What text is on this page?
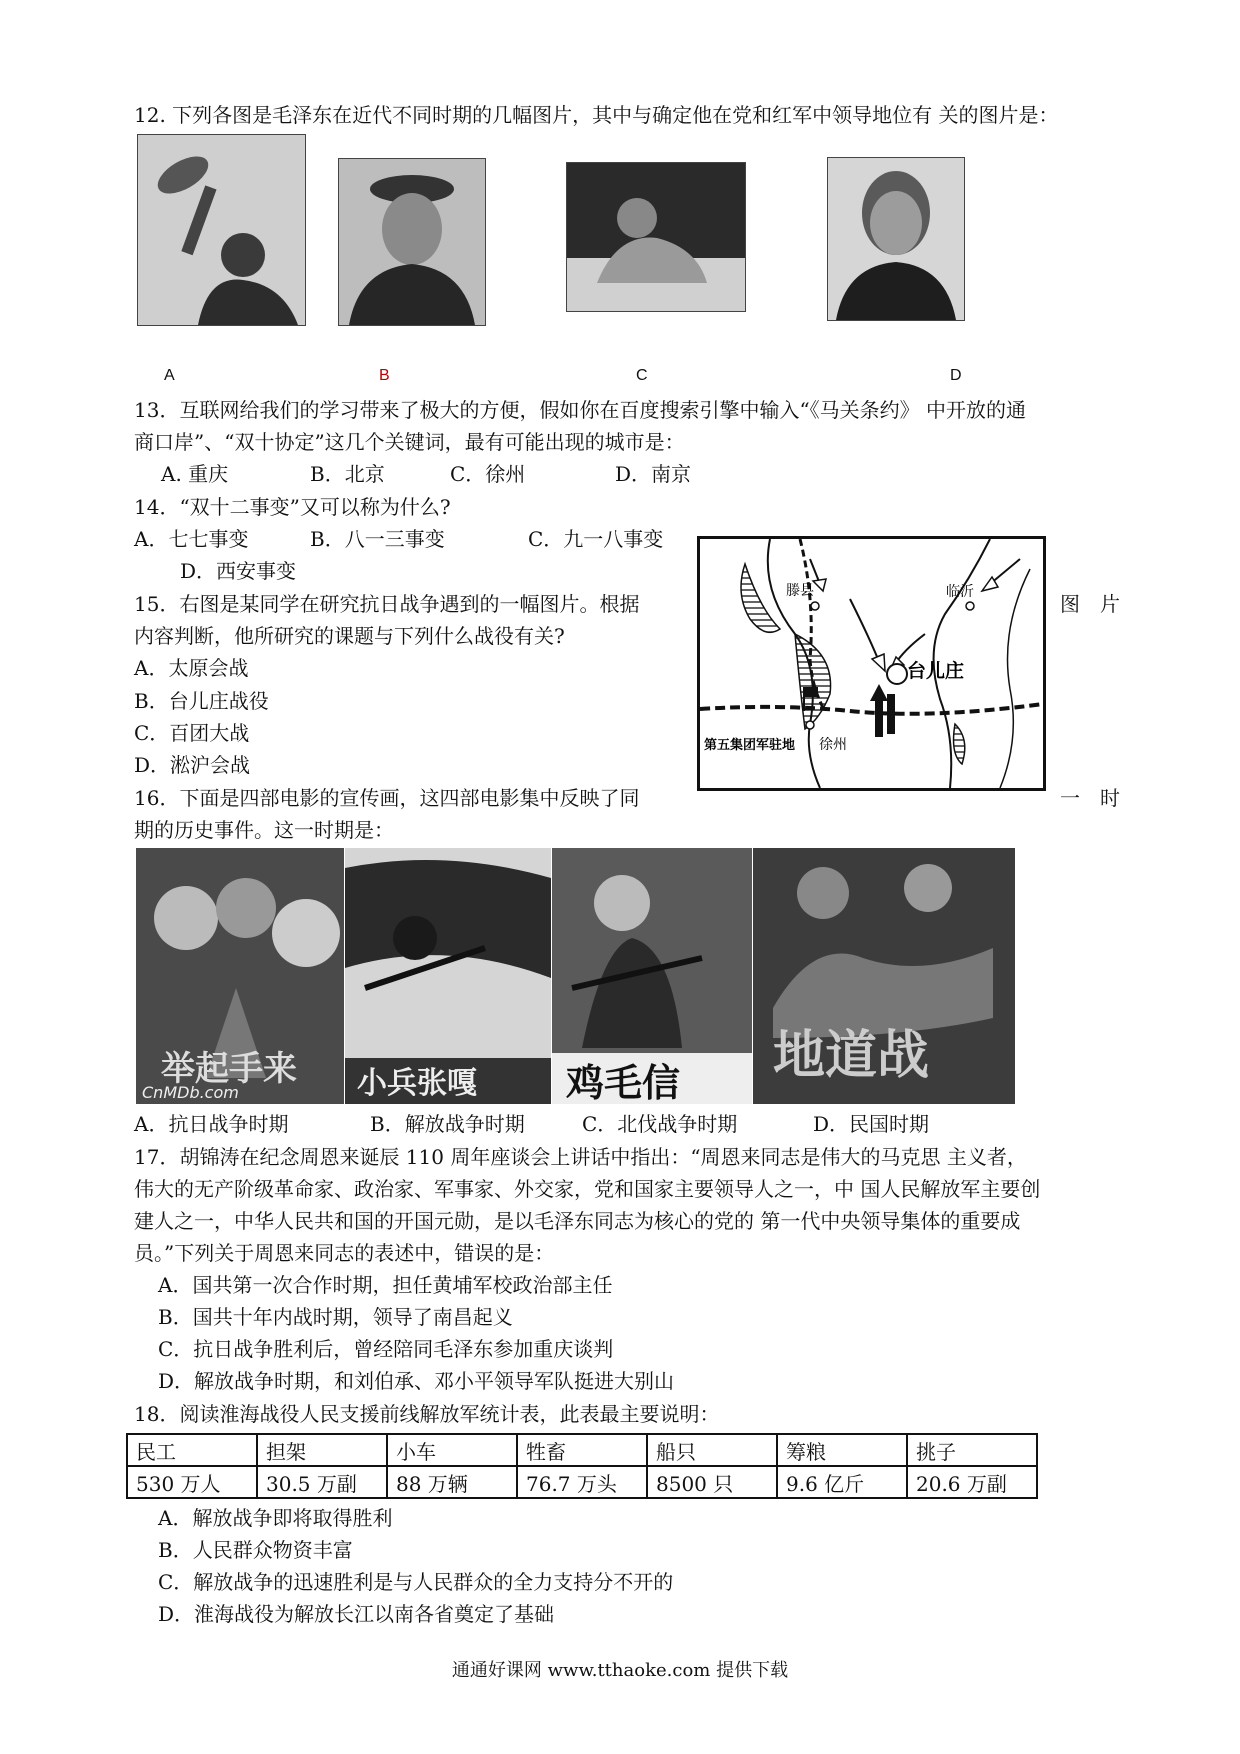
12. 下列各图是毛泽东在近代不同时期的几幅图片，其中与确定他在党和红军中领导地位有 关的图片是：
A	B	C	D
13．互联网给我们的学习带来了极大的方便，假如你在百度搜索引擎中输入“《马关条约》 中开放的通
商口岸”、“双十协定”这几个关键词，最有可能出现的城市是：
A. 重庆	B．北京	C．徐州	D．南京
14．“双十二事变”又可以称为什么?
A．七七事变	B．八一三事变	C．九一八事变
D．西安事变
15．右图是某同学在研究抗日战争遇到的一幅图片。根据	图　片
内容判断，他所研究的课题与下列什么战役有关?
A．太原会战
B．台儿庄战役
C．百团大战
D．淞沪会战
滕县	临沂
台儿庄
徐州
第五集团军驻地
16．下面是四部电影的宣传画，这四部电影集中反映了同	一　时
期的历史事件。这一时期是：
举起手来
CnMDb.com	小兵张嘎 鸡毛信 地道战
A．抗日战争时期	B．解放战争时期	C．北伐战争时期	D．民国时期
17．胡锦涛在纪念周恩来诞辰 110 周年座谈会上讲话中指出：“周恩来同志是伟大的马克思 主义者，
伟大的无产阶级革命家、政治家、军事家、外交家，党和国家主要领导人之一，中 国人民解放军主要创
建人之一，中华人民共和国的开国元勋，是以毛泽东同志为核心的党的 第一代中央领导集体的重要成
员。”下列关于周恩来同志的表述中，错误的是：
A．国共第一次合作时期，担任黄埔军校政治部主任
B．国共十年内战时期，领导了南昌起义
C．抗日战争胜利后，曾经陪同毛泽东参加重庆谈判
D．解放战争时期，和刘伯承、邓小平领导军队挺进大别山
18．阅读淮海战役人民支援前线解放军统计表，此表最主要说明：
民工	担架	小车	牲畜	船只	筹粮	挑子
530 万人	30.5 万副	88 万辆	76.7 万头	8500 只	9.6 亿斤	20.6 万副
A．解放战争即将取得胜利
B．人民群众物资丰富
C．解放战争的迅速胜利是与人民群众的全力支持分不开的
D．淮海战役为解放长江以南各省奠定了基础
通通好课网 www.tthaoke.com 提供下载
